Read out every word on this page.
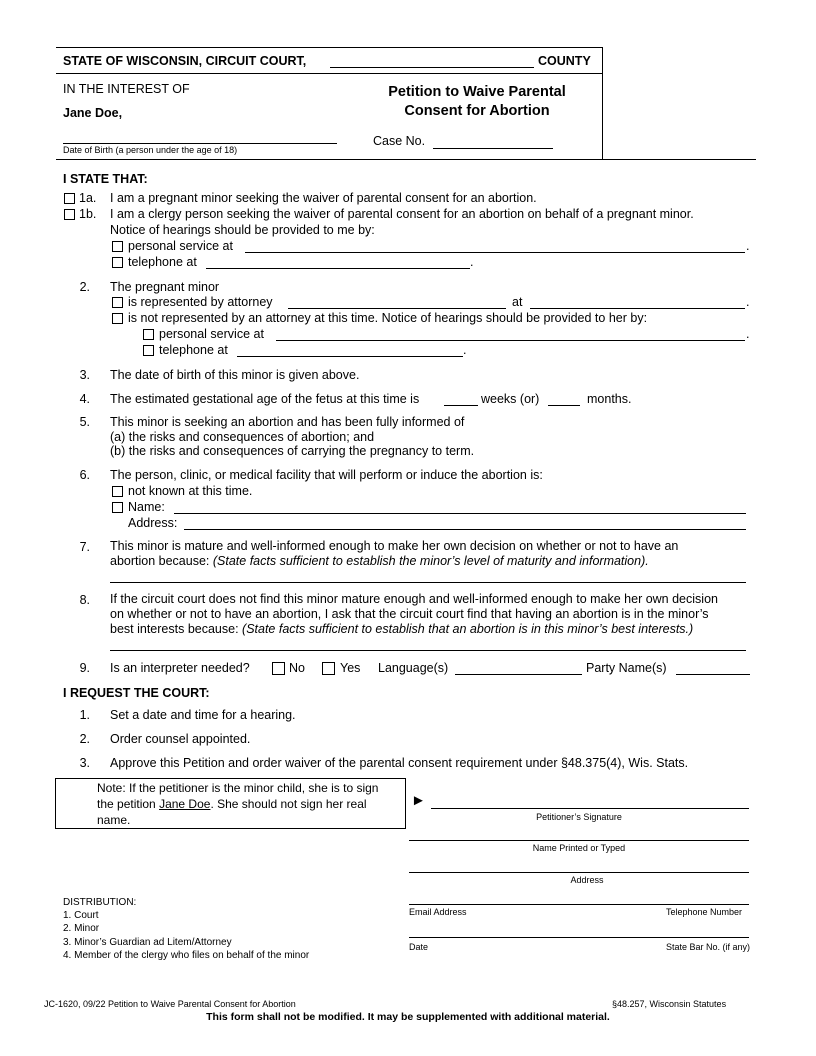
STATE OF WISCONSIN, CIRCUIT COURT,	COUNTY
IN THE INTEREST OF
Jane Doe,
Date of Birth (a person under the age of 18)
Petition to Waive Parental
Consent for Abortion
Case No.
I STATE THAT:
1a. I am a pregnant minor seeking the waiver of parental consent for an abortion.
1b. I am a clergy person seeking the waiver of parental consent for an abortion on behalf of a pregnant minor.
Notice of hearings should be provided to me by:
personal service at	.
telephone at	.
2. The pregnant minor
is represented by attorney	at	.
is not represented by an attorney at this time. Notice of hearings should be provided to her by:
personal service at	.
telephone at	.
3. The date of birth of this minor is given above.
4. The estimated gestational age of the fetus at this time is	weeks (or)	months.
5. This minor is seeking an abortion and has been fully informed of
(a) the risks and consequences of abortion; and
(b) the risks and consequences of carrying the pregnancy to term.
6. The person, clinic, or medical facility that will perform or induce the abortion is:
not known at this time.
Name:
Address:
7. This minor is mature and well-informed enough to make her own decision on whether or not to have an
abortion because: (State facts sufficient to establish the minor’s level of maturity and information).
8. If the circuit court does not find this minor mature enough and well-informed enough to make her own decision
on whether or not to have an abortion, I ask that the circuit court find that having an abortion is in the minor’s
best interests because: (State facts sufficient to establish that an abortion is in this minor’s best interests.)
9. Is an interpreter needed?	No	Yes Language(s)	Party Name(s)
I REQUEST THE COURT:
1. Set a date and time for a hearing.
2. Order counsel appointed.
3. Approve this Petition and order waiver of the parental consent requirement under §48.375(4), Wis. Stats.
Note: If the petitioner is the minor child, she is to sign
the petition Jane Doe. She should not sign her real
name.
►
Petitioner’s Signature
Name Printed or Typed
Address
Email Address	Telephone Number
Date	State Bar No. (if any)
DISTRIBUTION:
1. Court
2. Minor
3. Minor’s Guardian ad Litem/Attorney
4. Member of the clergy who files on behalf of the minor
JC-1620, 09/22 Petition to Waive Parental Consent for Abortion	§48.257, Wisconsin Statutes
This form shall not be modified. It may be supplemented with additional material.
